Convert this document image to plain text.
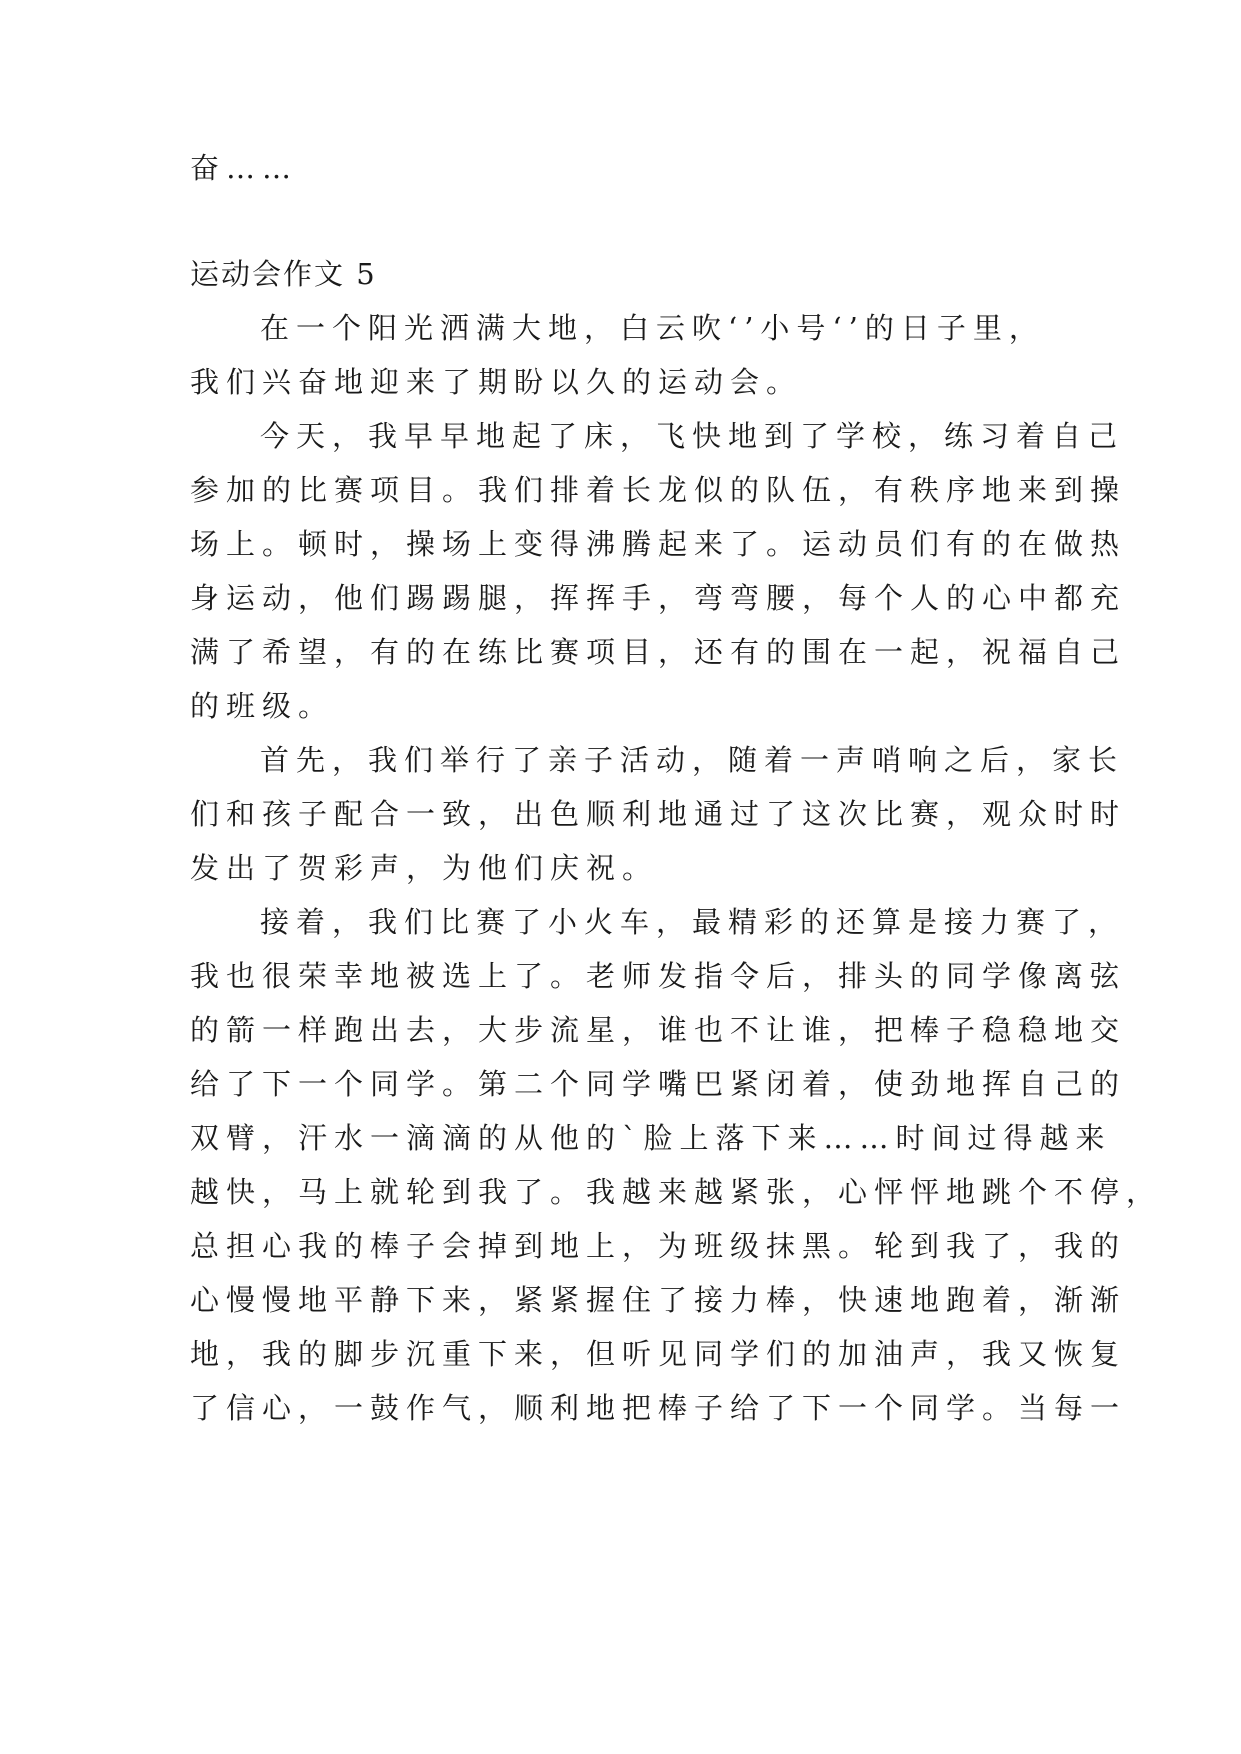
奋……
运动会作文 5
在一个阳光洒满大地，白云吹‘’小号‘’的日子里，
我们兴奋地迎来了期盼以久的运动会。
今天，我早早地起了床，飞快地到了学校，练习着自己
参加的比赛项目。我们排着长龙似的队伍，有秩序地来到操
场上。顿时，操场上变得沸腾起来了。运动员们有的在做热
身运动，他们踢踢腿，挥挥手，弯弯腰，每个人的心中都充
满了希望，有的在练比赛项目，还有的围在一起，祝福自己
的班级。
首先，我们举行了亲子活动，随着一声哨响之后，家长
们和孩子配合一致，出色顺利地通过了这次比赛，观众时时
发出了贺彩声，为他们庆祝。
接着，我们比赛了小火车，最精彩的还算是接力赛了，
我也很荣幸地被选上了。老师发指令后，排头的同学像离弦
的箭一样跑出去，大步流星，谁也不让谁，把棒子稳稳地交
给了下一个同学。第二个同学嘴巴紧闭着，使劲地挥自己的
双臂，汗水一滴滴的从他的`脸上落下来……时间过得越来
越快，马上就轮到我了。我越来越紧张，心怦怦地跳个不停，
总担心我的棒子会掉到地上，为班级抹黑。轮到我了，我的
心慢慢地平静下来，紧紧握住了接力棒，快速地跑着，渐渐
地，我的脚步沉重下来，但听见同学们的加油声，我又恢复
了信心，一鼓作气，顺利地把棒子给了下一个同学。当每一
